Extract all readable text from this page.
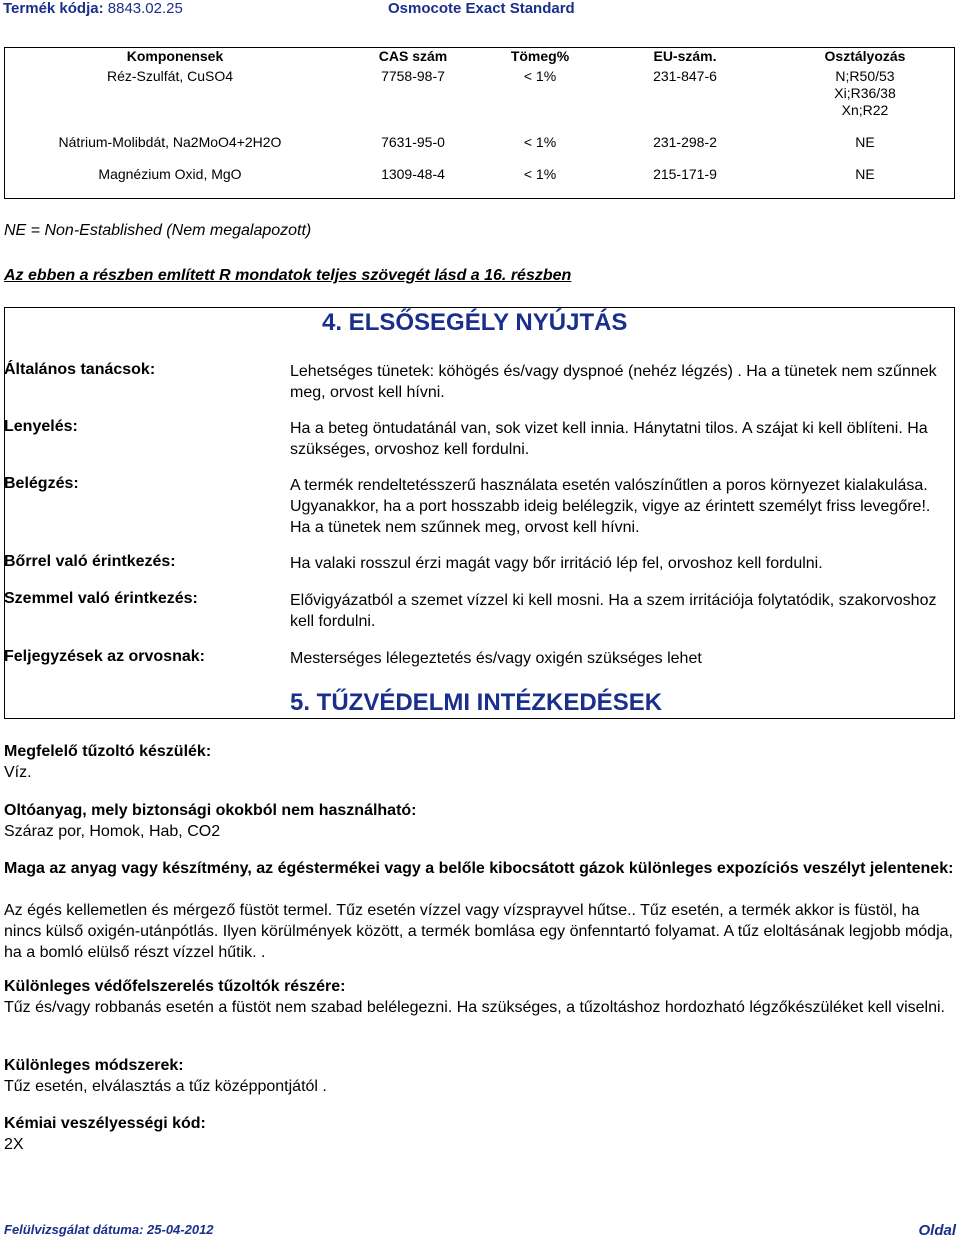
Termék kódja: 8843.02.25	Osmocote Exact Standard
Komponensek	CAS szám	Tömeg%	EU-szám.	Osztályozás
Réz-Szulfát, CuSO4	7758-98-7	< 1%	231-847-6	N;R50/53
Xi;R36/38
Xn;R22
Nátrium-Molibdát, Na2MoO4+2H2O	7631-95-0	< 1%	231-298-2	NE
Magnézium Oxid, MgO	1309-48-4	< 1%	215-171-9	NE
NE = Non-Established (Nem megalapozott)
Az ebben a részben említett R mondatok teljes szövegét lásd a 16. részben
4. ELSŐSEGÉLY NYÚJTÁS
Általános tanácsok:	Lehetséges tünetek: köhögés és/vagy dyspnoé (nehéz légzés) . Ha a tünetek nem szűnnek meg, orvost kell hívni.
Lenyelés:	Ha a beteg öntudatánál van, sok vizet kell innia. Hánytatni tilos. A szájat ki kell öblíteni. Ha szükséges, orvoshoz kell fordulni.
Belégzés:	A termék rendeltetésszerű használata esetén valószínűtlen a poros környezet kialakulása. Ugyanakkor, ha a port hosszabb ideig belélegzik, vigye az érintett személyt friss levegőre!. Ha a tünetek nem szűnnek meg, orvost kell hívni.
Bőrrel való érintkezés:	Ha valaki rosszul érzi magát vagy bőr irritáció lép fel, orvoshoz kell fordulni.
Szemmel való érintkezés:	Elővigyázatból a szemet vízzel ki kell mosni. Ha a szem irritációja folytatódik, szakorvoshoz kell fordulni.
Feljegyzések az orvosnak:	Mesterséges lélegeztetés és/vagy oxigén szükséges lehet
5. TŰZVÉDELMI INTÉZKEDÉSEK
Megfelelő tűzoltó készülék:
Víz.
Oltóanyag, mely biztonsági okokból nem használható:
Száraz por, Homok, Hab, CO2
Maga az anyag vagy készítmény, az égéstermékei vagy a belőle kibocsátott gázok különleges expozíciós veszélyt jelentenek:
Az égés kellemetlen és mérgező füstöt termel. Tűz esetén vízzel vagy vízsprayvel hűtse.. Tűz esetén, a termék akkor is füstöl, ha nincs külső oxigén-utánpótlás. Ilyen körülmények között, a termék bomlása egy önfenntartó folyamat. A tűz eloltásának legjobb módja, ha a bomló elülső részt vízzel hűtik. .
Különleges védőfelszerelés tűzoltók részére:
Tűz és/vagy robbanás esetén a füstöt nem szabad belélegezni. Ha szükséges, a tűzoltáshoz hordozható légzőkészüléket kell viselni.
Különleges módszerek:
Tűz esetén, elválasztás a tűz középpontjától .
Kémiai veszélyességi kód:
2X
Felülvizsgálat dátuma: 25-04-2012	Oldal
